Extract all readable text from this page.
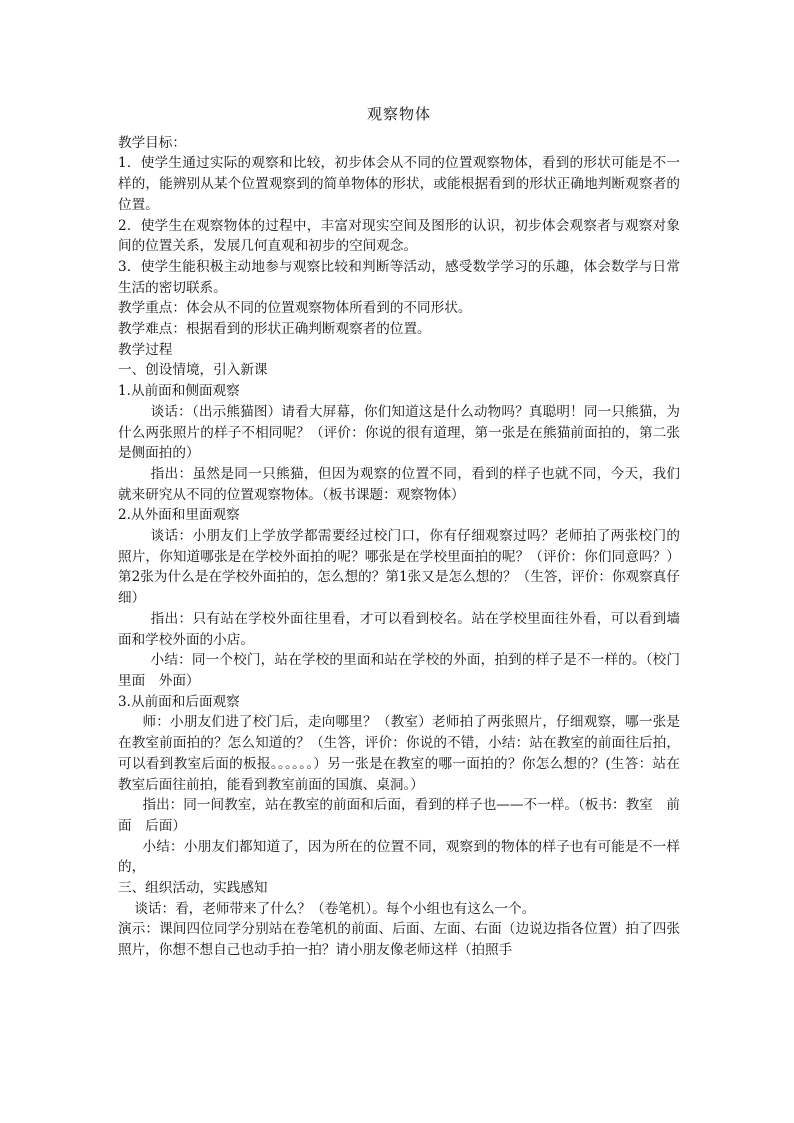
观察物体

教学目标：

1．使学生通过实际的观察和比较，初步体会从不同的位置观察物体，看到的形状可能是不一样的，能辨别从某个位置观察到的简单物体的形状，或能根据看到的形状正确地判断观察者的位置。

2．使学生在观察物体的过程中，丰富对现实空间及图形的认识，初步体会观察者与观察对象间的位置关系，发展几何直观和初步的空间观念。

3．使学生能积极主动地参与观察比较和判断等活动，感受数学学习的乐趣，体会数学与日常生活的密切联系。

教学重点：体会从不同的位置观察物体所看到的不同形状。

教学难点：根据看到的形状正确判断观察者的位置。

教学过程

一、创设情境，引入新课

1.从前面和侧面观察

谈话：（出示熊猫图）请看大屏幕，你们知道这是什么动物吗？真聪明！同一只熊猫，为什么两张照片的样子不相同呢？（评价：你说的很有道理，第一张是在熊猫前面拍的，第二张是侧面拍的）

指出：虽然是同一只熊猫，但因为观察的位置不同，看到的样子也就不同，今天，我们就来研究从不同的位置观察物体。（板书课题：观察物体）

2.从外面和里面观察

谈话：小朋友们上学放学都需要经过校门口，你有仔细观察过吗？老师拍了两张校门的照片，你知道哪张是在学校外面拍的呢？哪张是在学校里面拍的呢？（评价：你们同意吗？）第2张为什么是在学校外面拍的，怎么想的？第1张又是怎么想的？（生答，评价：你观察真仔细）

指出：只有站在学校外面往里看，才可以看到校名。站在学校里面往外看，可以看到墙面和学校外面的小店。

小结：同一个校门，站在学校的里面和站在学校的外面，拍到的样子是不一样的。（校门　里面　外面）

3.从前面和后面观察

师：小朋友们进了校门后，走向哪里？（教室）老师拍了两张照片，仔细观察，哪一张是在教室前面拍的？怎么知道的？（生答，评价：你说的不错，小结：站在教室的前面往后拍，可以看到教室后面的板报。。。。。。）另一张是在教室的哪一面拍的？你怎么想的？(生答：站在教室后面往前拍，能看到教室前面的国旗、桌洞。）

指出：同一间教室，站在教室的前面和后面，看到的样子也——不一样。（板书：教室　前面　后面）

小结：小朋友们都知道了，因为所在的位置不同，观察到的物体的样子也有可能是不一样的，

三、组织活动，实践感知

谈话：看，老师带来了什么？（卷笔机）。每个小组也有这么一个。

演示：课间四位同学分别站在卷笔机的前面、后面、左面、右面（边说边指各位置）拍了四张照片，你想不想自己也动手拍一拍？请小朋友像老师这样（拍照手
